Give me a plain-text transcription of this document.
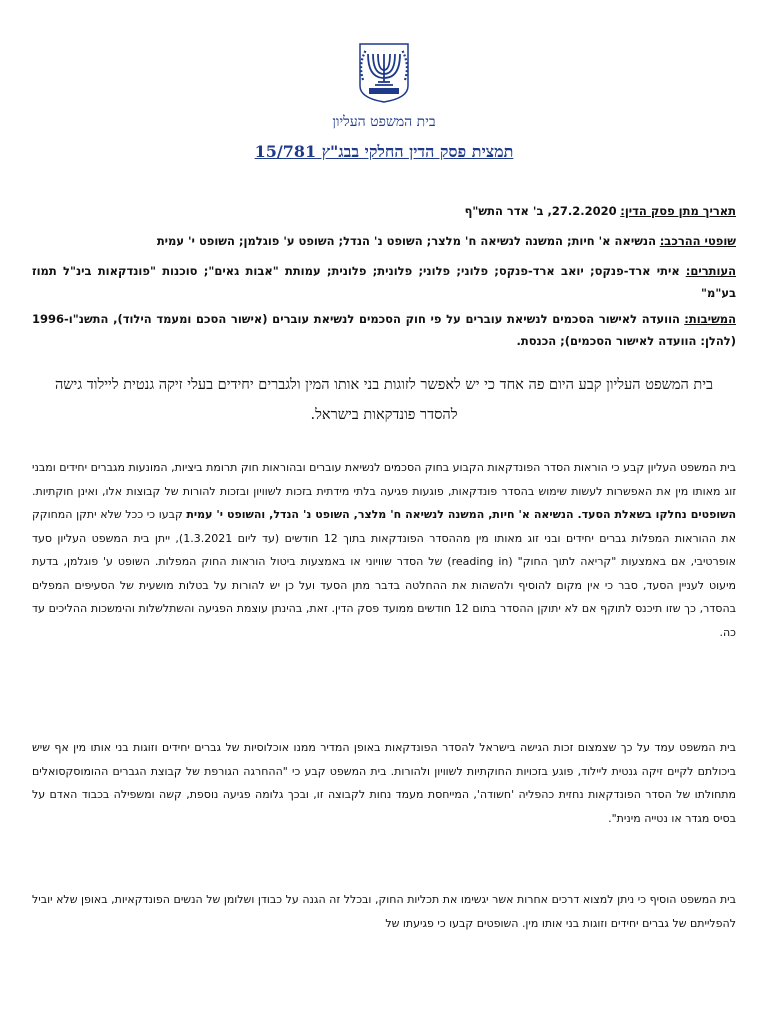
בית המשפט העליון
תמצית פסק הדין החלקי בבג"ץ 15/781
תאריך מתן פסק הדין: 27.2.2020, ב' אדר התש"ף
שופטי ההרכב: הנשיאה א' חיות; המשנה לנשיאה ח' מלצר; השופט נ' הנדל; השופט ע' פוגלמן; השופט י' עמית
העותרים: איתי ארד-פנקס; יואב ארד-פנקס; פלוני; פלוני; פלונית; פלונית; עמותת "אבות גאים"; סוכנות "פונדקאות בינ"ל תמוז בע"מ"
המשיבות: הוועדה לאישור הסכמים לנשיאת עוברים על פי חוק הסכמים לנשיאת עוברים (אישור הסכם ומעמד הילוד), התשנ"ו-1996 (להלן: הוועדה לאישור הסכמים); הכנסת.
בית המשפט העליון קבע היום פה אחד כי יש לאפשר לזוגות בני אותו המין ולגברים יחידים בעלי זיקה גנטית ליילוד גישה להסדר פונדקאות בישראל.
בית המשפט העליון קבע כי הוראות הסדר הפונדקאות הקבוע בחוק הסכמים לנשיאת עוברים ובהוראות חוק תרומת ביציות, המונעות מגברים יחידים ומבני זוג מאותו מין את האפשרות לעשות שימוש בהסדר פונדקאות, פוגעות פגיעה בלתי מידתית בזכות לשוויון ובזכות להורות של קבוצות אלו, ואינן חוקתיות. השופטים נחלקו בשאלת הסעד. הנשיאה א' חיות, המשנה לנשיאה ח' מלצר, השופט נ' הנדל, והשופט י' עמית קבעו כי ככל שלא יתקן המחוקק את ההוראות המפלות גברים יחידים ובני זוג מאותו מין מההסדר הפונדקאות בתוך 12 חודשים (עד ליום 1.3.2021), ייתן בית המשפט העליון סעד אופרטיבי, אם באמצעות "קריאה לתוך החוק" (reading in) של הסדר שוויוני או באמצעות ביטול הוראות החוק המפלות. השופט ע' פוגלמן, בדעת מיעוט לעניין הסעד, סבר כי אין מקום להוסיף ולהשהות את ההחלטה בדבר מתן הסעד ועל כן יש להורות על בטלות מושעית של הסעיפים המפלים בהסדר, כך שזו תיכנס לתוקף אם לא יתוקן ההסדר בתום 12 חודשים ממועד פסק הדין. זאת, בהינתן עוצמת הפגיעה והשתלשלות והימשכות ההליכים עד כה.
בית המשפט עמד על כך שצמצום זכות הגישה בישראל להסדר הפונדקאות באופן המדיר ממנו אוכלוסיות של גברים יחידים וזוגות בני אותו מין אף שיש ביכולתם לקיים זיקה גנטית ליילוד, פוגע בזכויות החוקתיות לשוויון ולהורות. בית המשפט קבע כי "ההחרגה הגורפת של קבוצת הגברים ההומוסקסואלים מתחולתו של הסדר הפונדקאות נחזית כהפליה 'חשודה', המייחסת מעמד נחות לקבוצה זו, ובכך גלומה פגיעה נוספת, קשה ומשפילה בכבוד האדם על בסיס מגדר או נטייה מינית".
בית המשפט הוסיף כי ניתן למצוא דרכים אחרות אשר יגשימו את תכליות החוק, ובכלל זה הגנה על כבודן ושלומן של הנשים הפונדקאיות, באופן שלא יוביל להפלייתם של גברים יחידים וזוגות בני אותו מין. השופטים קבעו כי פגיעתו של
